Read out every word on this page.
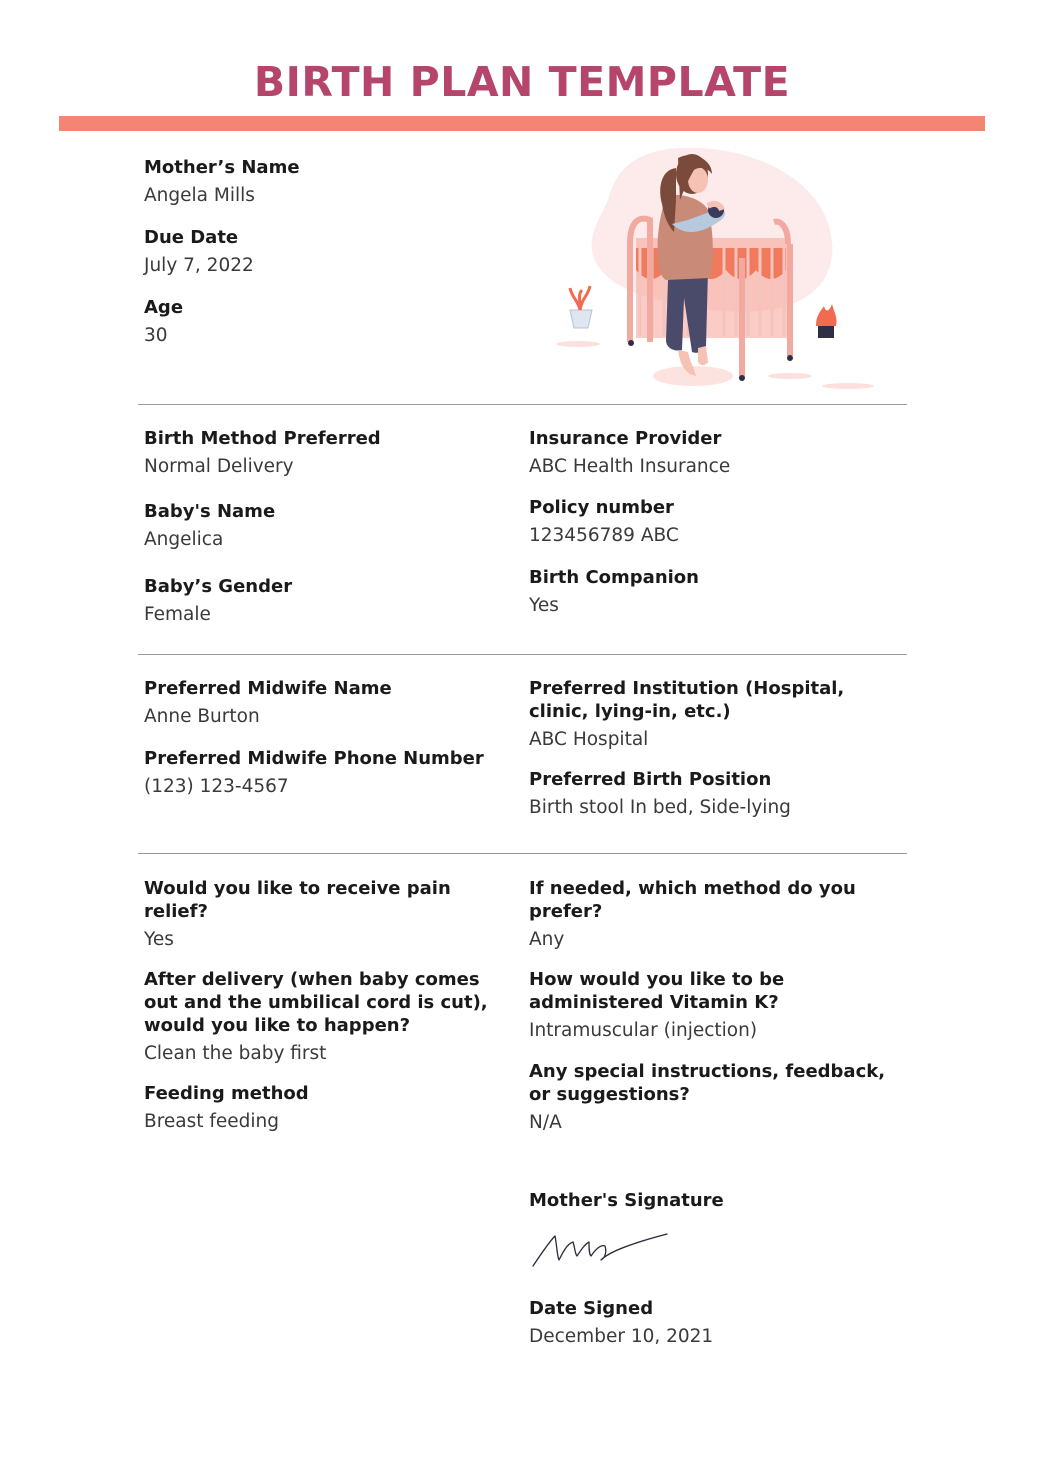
BIRTH PLAN TEMPLATE
Mother’s Name
Angela Mills
Due Date
July 7, 2022
Age
30
Birth Method Preferred
Normal Delivery
Baby's Name
Angelica
Baby’s Gender
Female
Insurance Provider
ABC Health Insurance
Policy number
123456789 ABC
Birth Companion
Yes
Preferred Midwife Name
Anne Burton
Preferred Midwife Phone Number
(123) 123-4567
Preferred Institution (Hospital, clinic, lying-in, etc.)
ABC Hospital
Preferred Birth Position
Birth stool In bed, Side-lying
Would you like to receive pain relief?
Yes
After delivery (when baby comes out and the umbilical cord is cut), would you like to happen?
Clean the baby first
Feeding method
Breast feeding
If needed, which method do you prefer?
Any
How would you like to be administered Vitamin K?
Intramuscular (injection)
Any special instructions, feedback, or suggestions?
N/A
Mother's Signature
Date Signed
December 10, 2021
